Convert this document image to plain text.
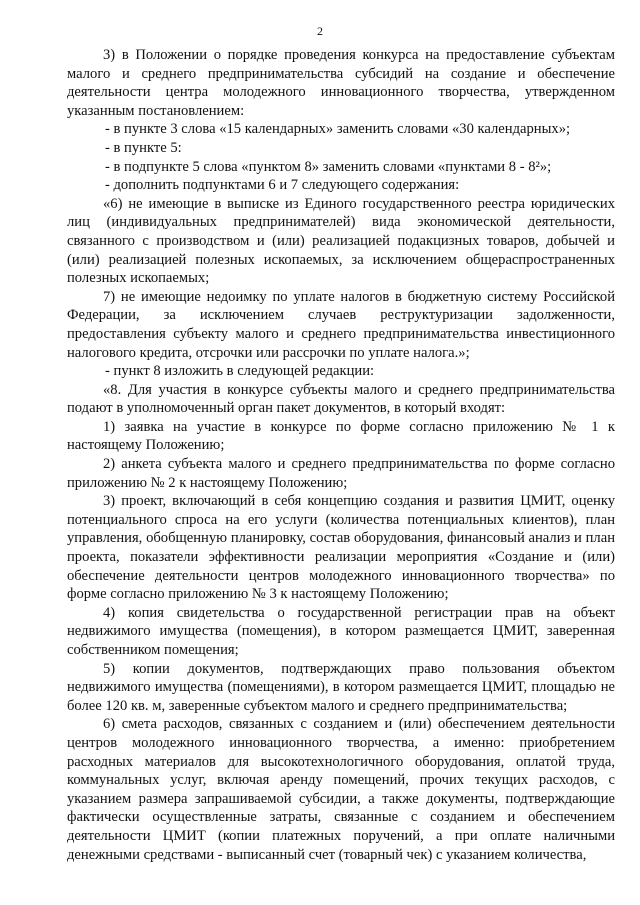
2

3) в Положении о порядке проведения конкурса на предоставление субъектам малого и среднего предпринимательства субсидий на создание и обеспечение деятельности центра молодежного инновационного творчества, утвержденном указанным постановлением:

- в пункте 3 слова «15 календарных» заменить словами «30 календарных»;

- в пункте 5:

- в подпункте 5 слова «пунктом 8» заменить словами «пунктами 8 - 8²»;

- дополнить подпунктами 6 и 7 следующего содержания:

«6) не имеющие в выписке из Единого государственного реестра юридических лиц (индивидуальных предпринимателей) вида экономической деятельности, связанного с производством и (или) реализацией подакцизных товаров, добычей и (или) реализацией полезных ископаемых, за исключением общераспространенных полезных ископаемых;

7) не имеющие недоимку по уплате налогов в бюджетную систему Российской Федерации, за исключением случаев реструктуризации задолженности, предоставления субъекту малого и среднего предпринимательства инвестиционного налогового кредита, отсрочки или рассрочки по уплате налога.»;

- пункт 8 изложить в следующей редакции:

«8. Для участия в конкурсе субъекты малого и среднего предпринимательства подают в уполномоченный орган пакет документов, в который входят:

1) заявка на участие в конкурсе по форме согласно приложению № 1 к настоящему Положению;

2) анкета субъекта малого и среднего предпринимательства по форме согласно приложению № 2 к настоящему Положению;

3) проект, включающий в себя концепцию создания и развития ЦМИТ, оценку потенциального спроса на его услуги (количества потенциальных клиентов), план управления, обобщенную планировку, состав оборудования, финансовый анализ и план проекта, показатели эффективности реализации мероприятия «Создание и (или) обеспечение деятельности центров молодежного инновационного творчества» по форме согласно приложению № 3 к настоящему Положению;

4) копия свидетельства о государственной регистрации прав на объект недвижимого имущества (помещения), в котором размещается ЦМИТ, заверенная собственником помещения;

5) копии документов, подтверждающих право пользования объектом недвижимого имущества (помещениями), в котором размещается ЦМИТ, площадью не более 120 кв. м, заверенные субъектом малого и среднего предпринимательства;

6) смета расходов, связанных с созданием и (или) обеспечением деятельности центров молодежного инновационного творчества, а именно: приобретением расходных материалов для высокотехнологичного оборудования, оплатой труда, коммунальных услуг, включая аренду помещений, прочих текущих расходов, с указанием размера запрашиваемой субсидии, а также документы, подтверждающие фактически осуществленные затраты, связанные с созданием и обеспечением деятельности ЦМИТ (копии платежных поручений, а при оплате наличными денежными средствами - выписанный счет (товарный чек) с указанием количества,
